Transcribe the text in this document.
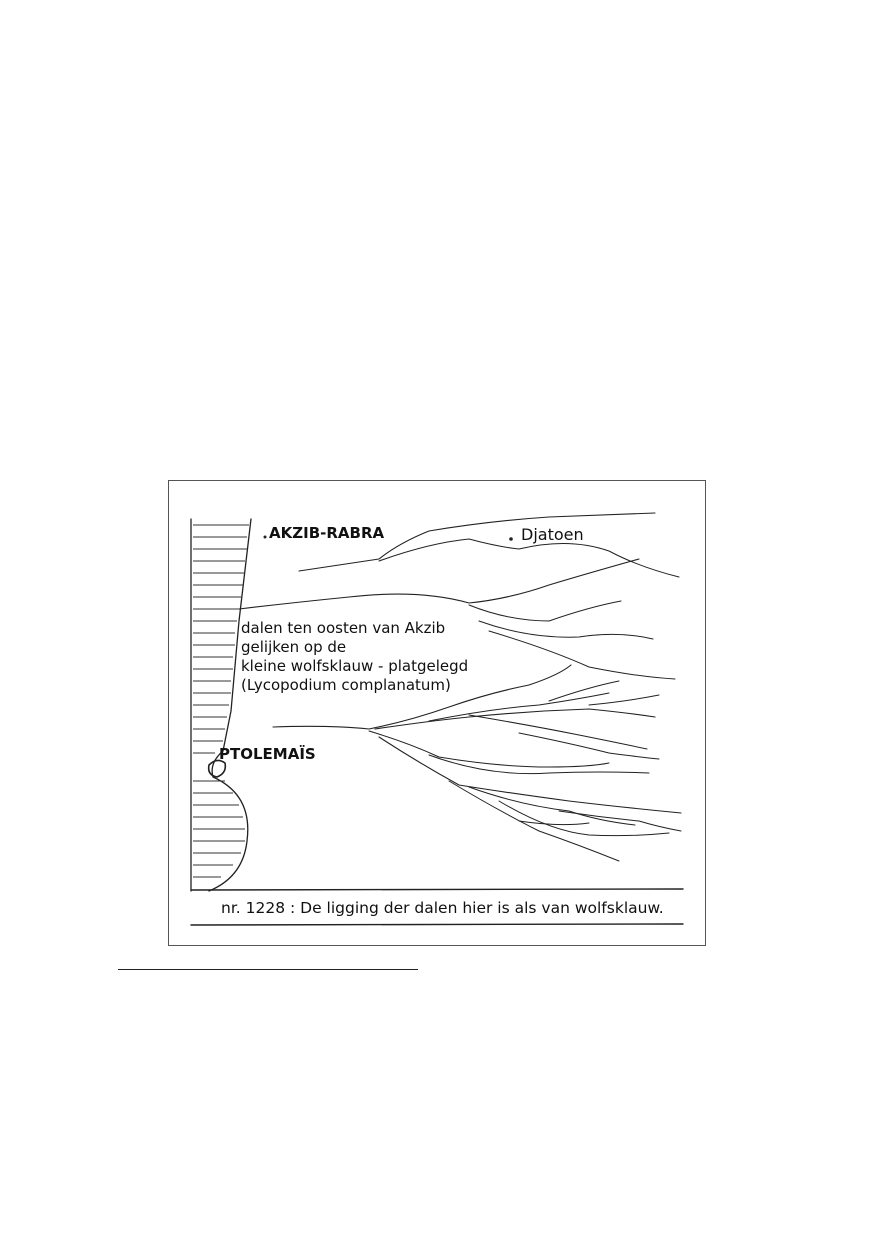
AKZIB-RABRA	Djatoen
PTOLEMAÏS
dalen ten oosten van Akzib
gelijken op de
kleine wolfsklauw - platgelegd
(Lycopodium complanatum)
nr. 1228 : De ligging der dalen hier is als van wolfsklauw.
